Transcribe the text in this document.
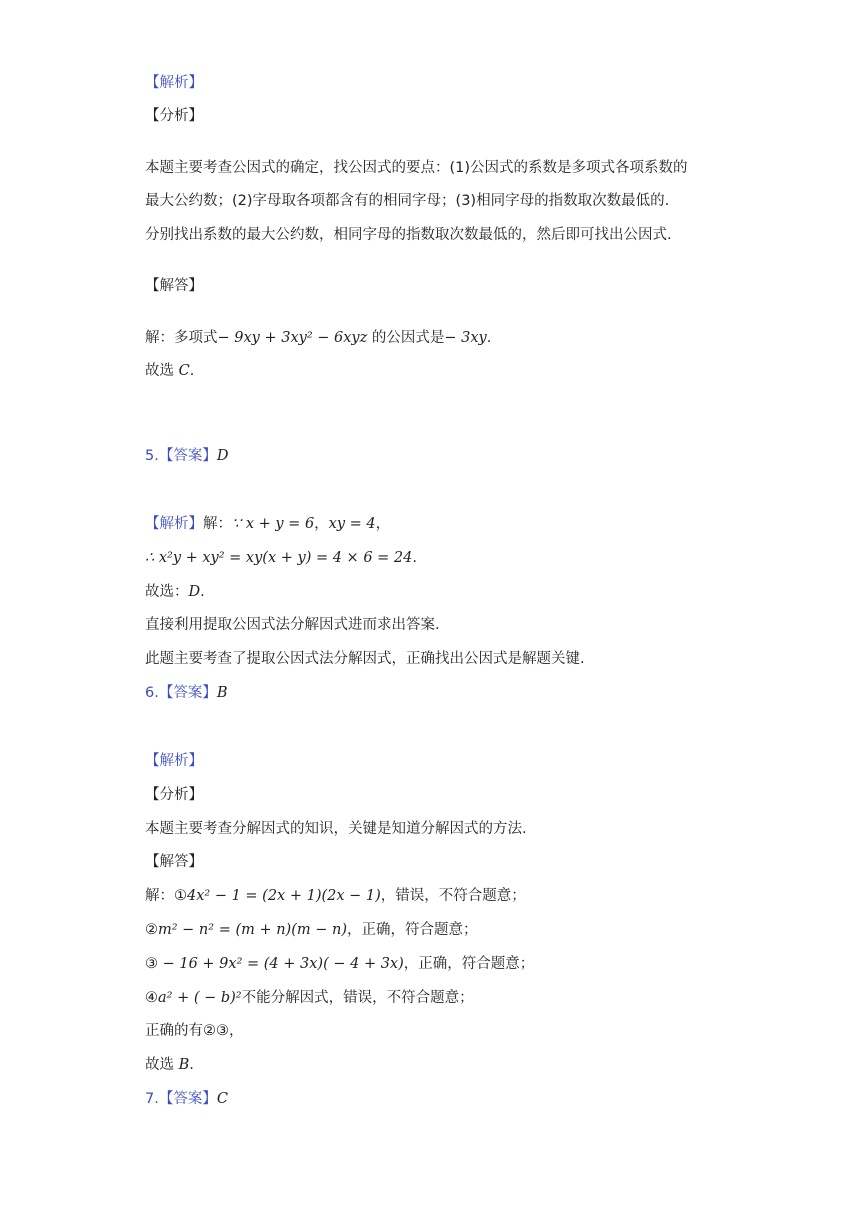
【解析】
【分析】
本题主要考查公因式的确定，找公因式的要点：(1)公因式的系数是多项式各项系数的
最大公约数；(2)字母取各项都含有的相同字母；(3)相同字母的指数取次数最低的.
分别找出系数的最大公约数，相同字母的指数取次数最低的，然后即可找出公因式.
【解答】
解：多项式− 9xy + 3xy² − 6xyz 的公因式是− 3xy.
故选 C.
5.【答案】D
【解析】解：∵ x + y = 6，xy = 4，
∴ x²y + xy² = xy(x + y) = 4 × 6 = 24.
故选：D.
直接利用提取公因式法分解因式进而求出答案.
此题主要考查了提取公因式法分解因式，正确找出公因式是解题关键.
6.【答案】B
【解析】
【分析】
本题主要考查分解因式的知识，关键是知道分解因式的方法.
【解答】
解：①4x² − 1 = (2x + 1)(2x − 1)，错误，不符合题意；
②m² − n² = (m + n)(m − n)，正确，符合题意；
③ − 16 + 9x² = (4 + 3x)( − 4 + 3x)，正确，符合题意；
④a² + ( − b)²不能分解因式，错误，不符合题意；
正确的有②③，
故选 B.
7.【答案】C
